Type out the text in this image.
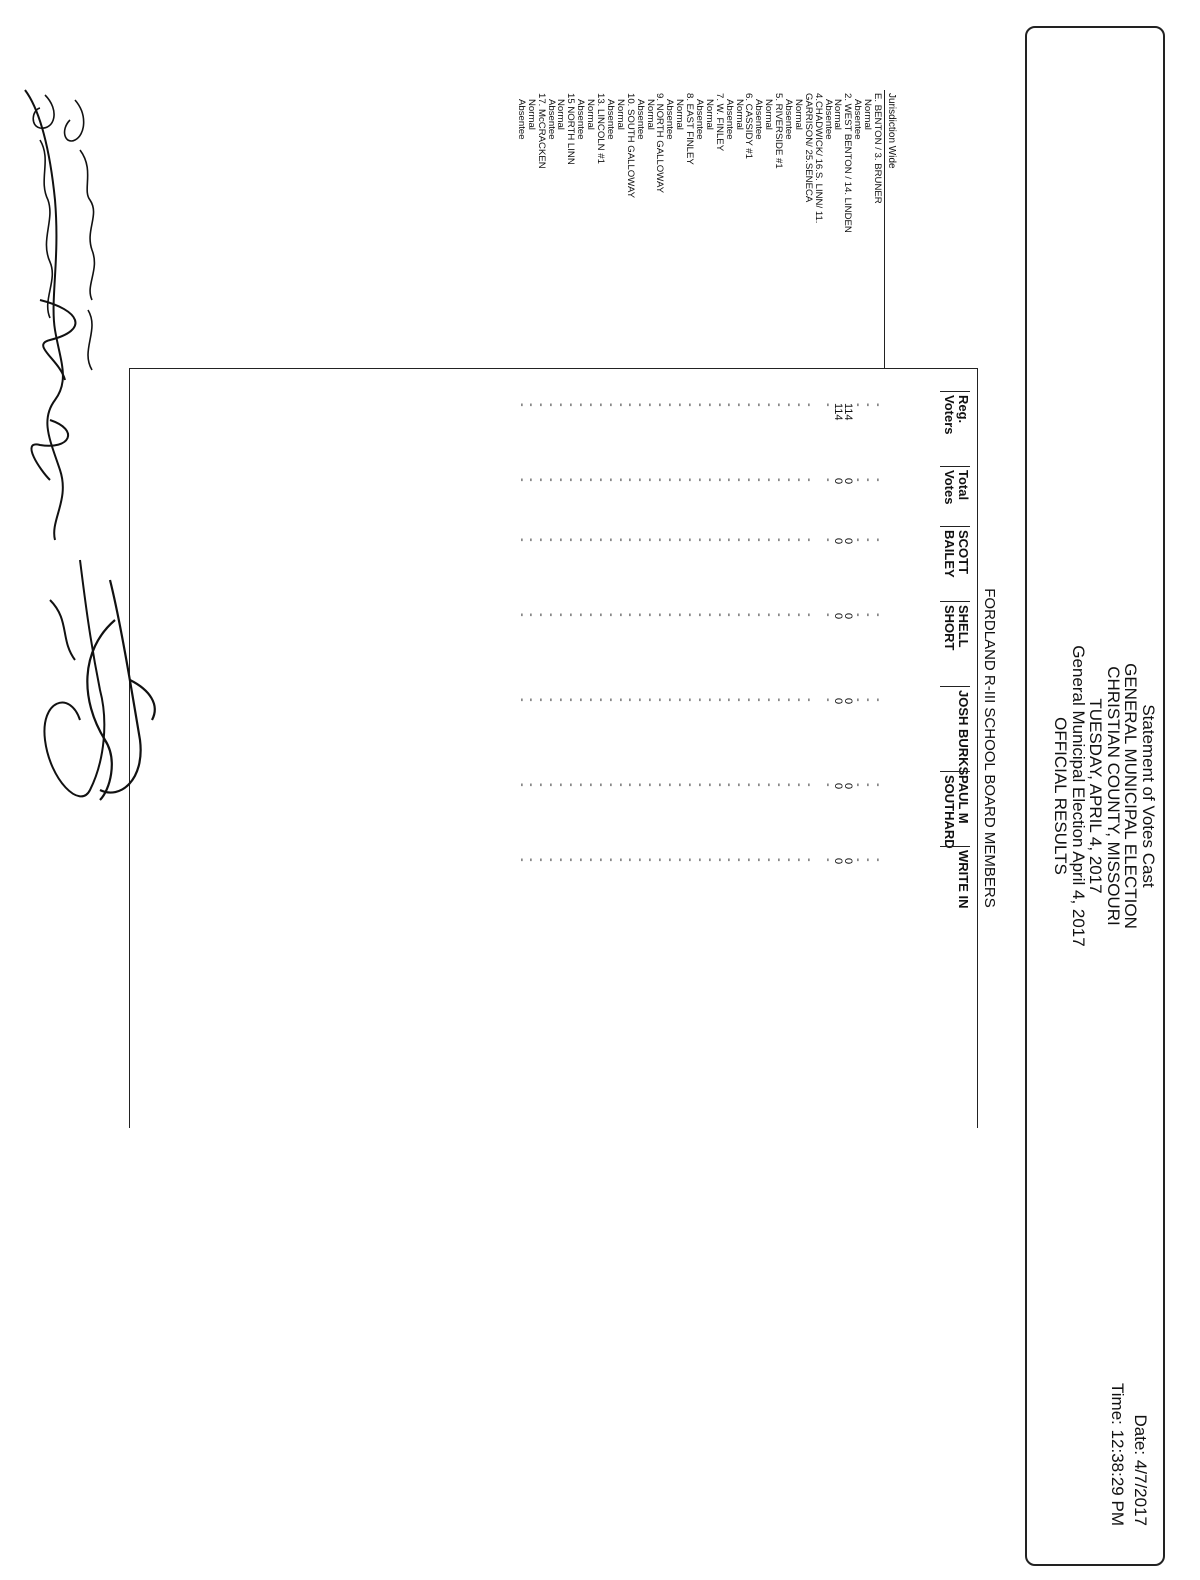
Statement of Votes Cast
GENERAL MUNICIPAL ELECTION
CHRISTIAN COUNTY, MISSOURI
TUESDAY, APRIL 4, 2017
General Municipal Election April 4, 2017
OFFICIAL RESULTS
Date: 4/7/2017
Time: 12:38:29 PM
FORDLAND R-III SCHOOL BOARD MEMBERS
Jurisdiction Wide
Reg.
Voters
Total
Votes
SCOTT
BAILEY
SHELL
SHORT
JOSH BURKS
PAUL M
SOUTHARD
WRITE IN
E. BENTON / 3. BRUNER
Normal
Absentee
2. WEST BENTON / 14. LINDEN
Normal
Absentee
4.CHADWICK/ 16.S. LINN/ 11.
GARRISON/ 25.SENECA
Normal
Absentee
5. RIVERSIDE #1
Normal
Absentee
6. CASSIDY #1
Normal
Absentee
7. W. FINLEY
Normal
Absentee
8. EAST FINLEY
Normal
Absentee
9. NORTH GALLOWAY
Normal
Absentee
10. SOUTH GALLOWAY
Normal
Absentee
13. LINCOLN #1
Normal
Absentee
15 NORTH LINN
Normal
Absentee
17. McCRACKEN
Normal
Absentee
-
-
-
-
-
-
-
-
-
-
-
-
-
-
-
-
-
-
-
-
-
114
0
0
0
0
0
0
114
0
0
0
0
0
0
-
-
-
-
-
-
-
-
-
-
-
-
-
-
-
-
-
-
-
-
-
-
-
-
-
-
-
-
-
-
-
-
-
-
-
-
-
-
-
-
-
-
-
-
-
-
-
-
-
-
-
-
-
-
-
-
-
-
-
-
-
-
-
-
-
-
-
-
-
-
-
-
-
-
-
-
-
-
-
-
-
-
-
-
-
-
-
-
-
-
-
-
-
-
-
-
-
-
-
-
-
-
-
-
-
-
-
-
-
-
-
-
-
-
-
-
-
-
-
-
-
-
-
-
-
-
-
-
-
-
-
-
-
-
-
-
-
-
-
-
-
-
-
-
-
-
-
-
-
-
-
-
-
-
-
-
-
-
-
-
-
-
-
-
-
-
-
-
-
-
-
-
-
-
-
-
-
-
-
-
-
-
-
-
-
-
-
-
-
-
-
-
-
-
-
-
-
-
-
-
-
-
-
-
-
-
-
-
-
-
-
-
-
-
-
-
-
